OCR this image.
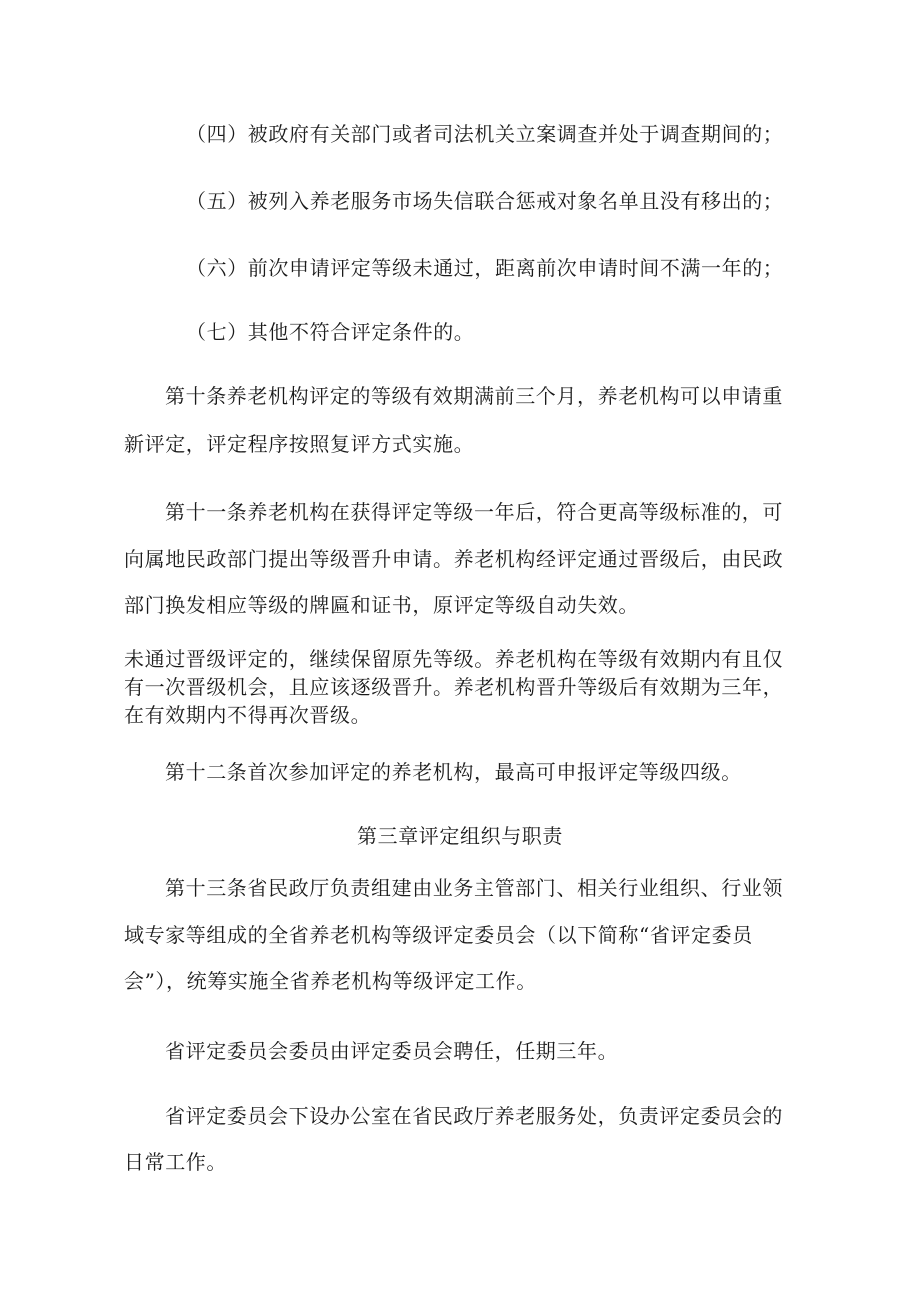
（四）被政府有关部门或者司法机关立案调查并处于调查期间的；
（五）被列入养老服务市场失信联合惩戒对象名单且没有移出的；
（六）前次申请评定等级未通过，距离前次申请时间不满一年的；
（七）其他不符合评定条件的。
第十条养老机构评定的等级有效期满前三个月，养老机构可以申请重
新评定，评定程序按照复评方式实施。
第十一条养老机构在获得评定等级一年后，符合更高等级标准的，可
向属地民政部门提出等级晋升申请。养老机构经评定通过晋级后，由民政
部门换发相应等级的牌匾和证书，原评定等级自动失效。
未通过晋级评定的，继续保留原先等级。养老机构在等级有效期内有且仅
有一次晋级机会，且应该逐级晋升。养老机构晋升等级后有效期为三年，
在有效期内不得再次晋级。
第十二条首次参加评定的养老机构，最高可申报评定等级四级。
第三章评定组织与职责
第十三条省民政厅负责组建由业务主管部门、相关行业组织、行业领
域专家等组成的全省养老机构等级评定委员会（以下简称“省评定委员
会”），统筹实施全省养老机构等级评定工作。
省评定委员会委员由评定委员会聘任，任期三年。
省评定委员会下设办公室在省民政厅养老服务处，负责评定委员会的
日常工作。
